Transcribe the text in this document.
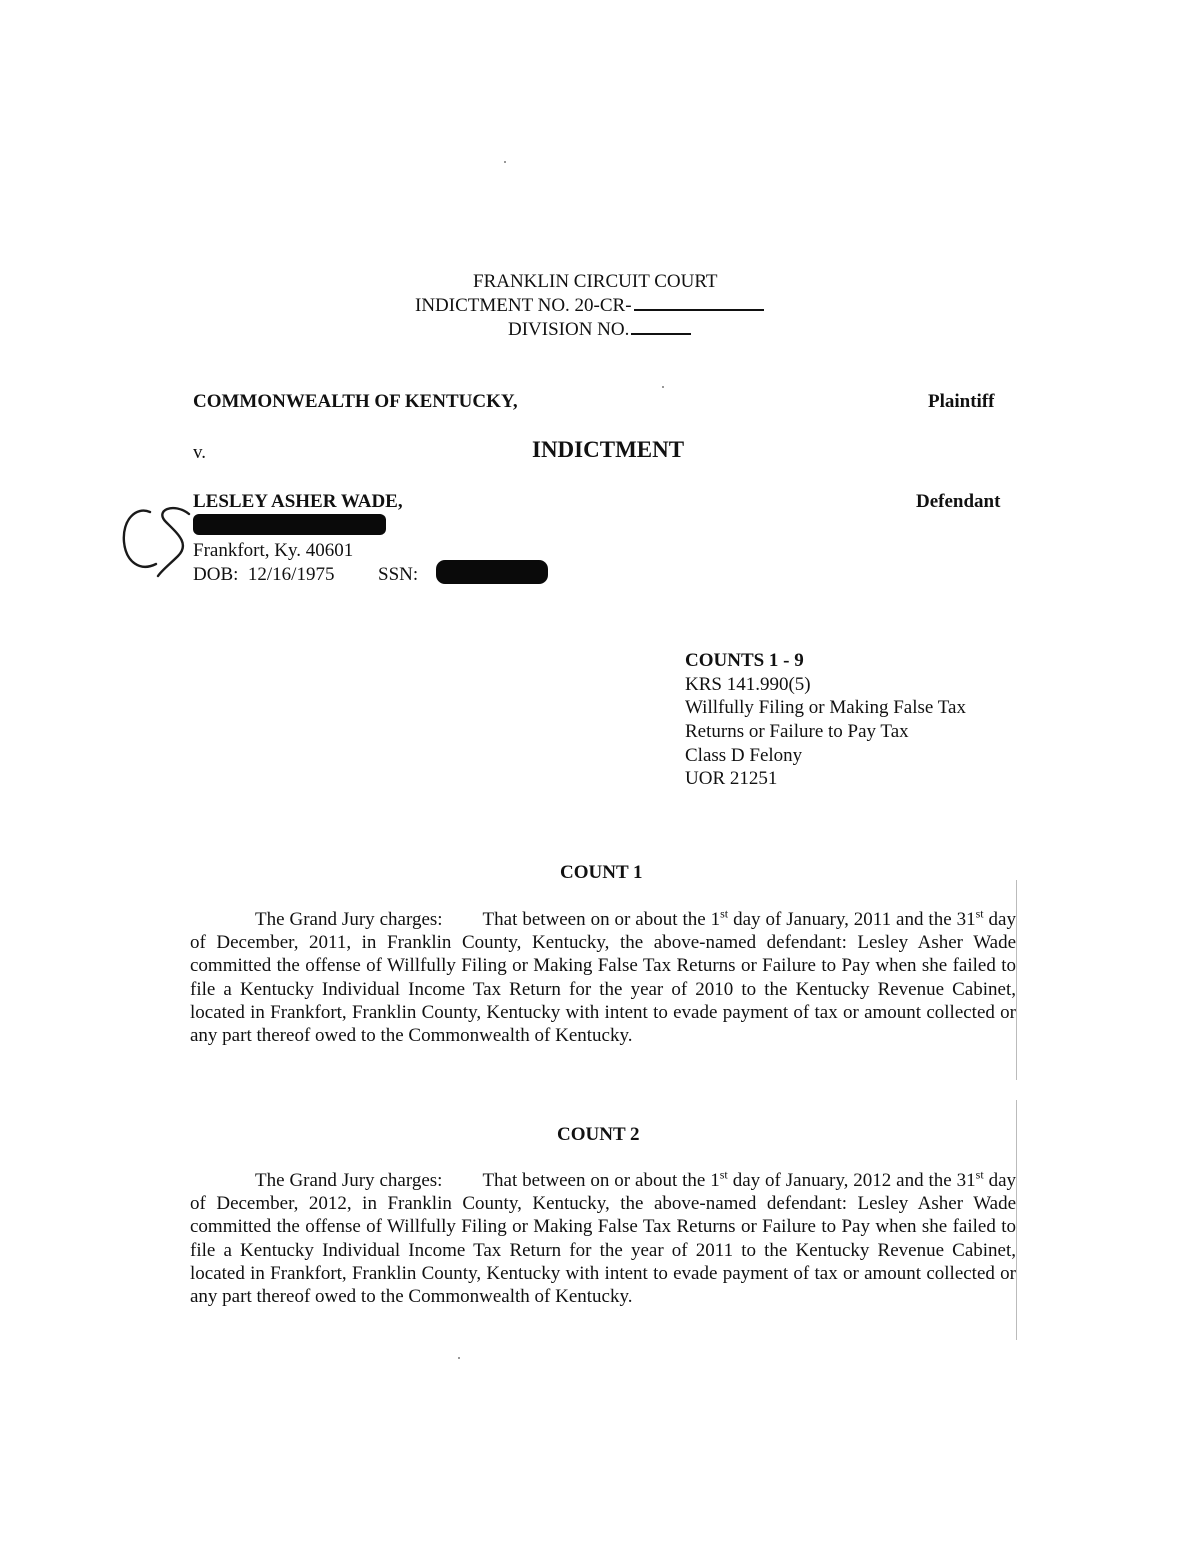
FRANKLIN CIRCUIT COURT
INDICTMENT NO. 20-CR-
DIVISION NO.
COMMONWEALTH OF KENTUCKY,	Plaintiff
v.	INDICTMENT
LESLEY ASHER WADE,	Defendant
Frankfort, Ky. 40601
DOB: 12/16/1975 SSN:
COUNTS 1 - 9
KRS 141.990(5)
Willfully Filing or Making False Tax
Returns or Failure to Pay Tax
Class D Felony
UOR 21251
COUNT 1
The Grand Jury charges: That between on or about the 1st day of January, 2011 and the 31st day of December, 2011, in Franklin County, Kentucky, the above-named defendant: Lesley Asher Wade committed the offense of Willfully Filing or Making False Tax Returns or Failure to Pay when she failed to file a Kentucky Individual Income Tax Return for the year of 2010 to the Kentucky Revenue Cabinet, located in Frankfort, Franklin County, Kentucky with intent to evade payment of tax or amount collected or any part thereof owed to the Commonwealth of Kentucky.
COUNT 2
The Grand Jury charges: That between on or about the 1st day of January, 2012 and the 31st day of December, 2012, in Franklin County, Kentucky, the above-named defendant: Lesley Asher Wade committed the offense of Willfully Filing or Making False Tax Returns or Failure to Pay when she failed to file a Kentucky Individual Income Tax Return for the year of 2011 to the Kentucky Revenue Cabinet, located in Frankfort, Franklin County, Kentucky with intent to evade payment of tax or amount collected or any part thereof owed to the Commonwealth of Kentucky.
